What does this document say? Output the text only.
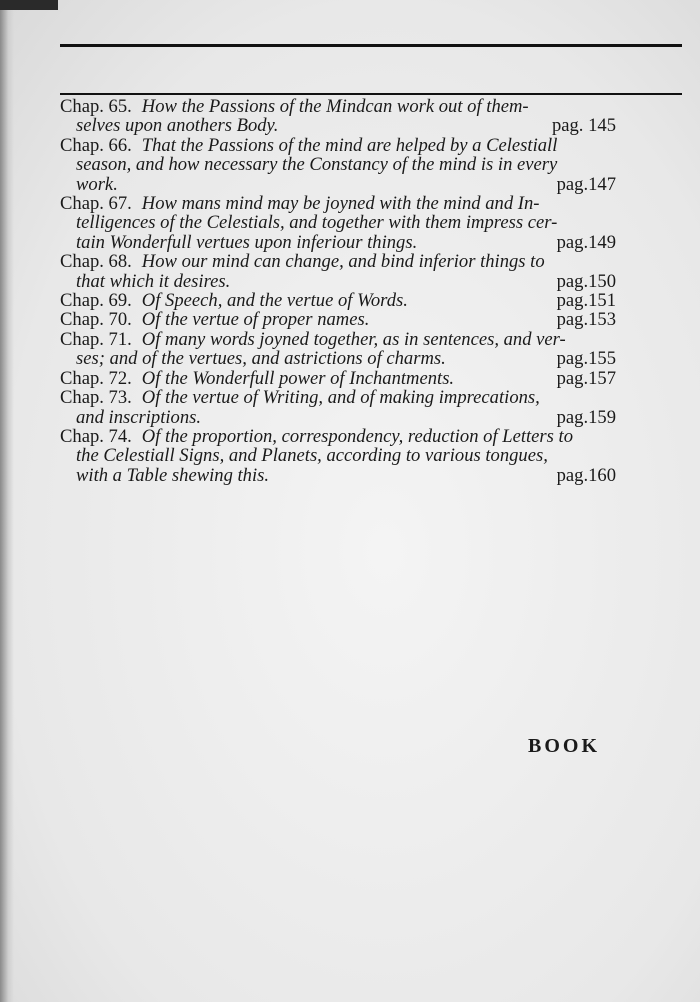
Chap. 65. How the Passions of the Mindcan work out of them-
selves upon anothers Body.	pag. 145
Chap. 66. That the Passions of the mind are helped by a Celestiall
season, and how necessary the Constancy of the mind is in every
work.	pag.147
Chap. 67. How mans mind may be joyned with the mind and In-
telligences of the Celestials, and together with them impress cer-
tain Wonderfull vertues upon inferiour things.	pag.149
Chap. 68. How our mind can change, and bind inferior things to
that which it desires.	pag.150
Chap. 69. Of Speech, and the vertue of Words.	pag.151
Chap. 70. Of the vertue of proper names.	pag.153
Chap. 71. Of many words joyned together, as in sentences, and ver-
ses; and of the vertues, and astrictions of charms.	pag.155
Chap. 72. Of the Wonderfull power of Inchantments.	pag.157
Chap. 73. Of the vertue of Writing, and of making imprecations,
and inscriptions.	pag.159
Chap. 74. Of the proportion, correspondency, reduction of Letters to
the Celestiall Signs, and Planets, according to various tongues,
with a Table shewing this.	pag.160
BOOK
